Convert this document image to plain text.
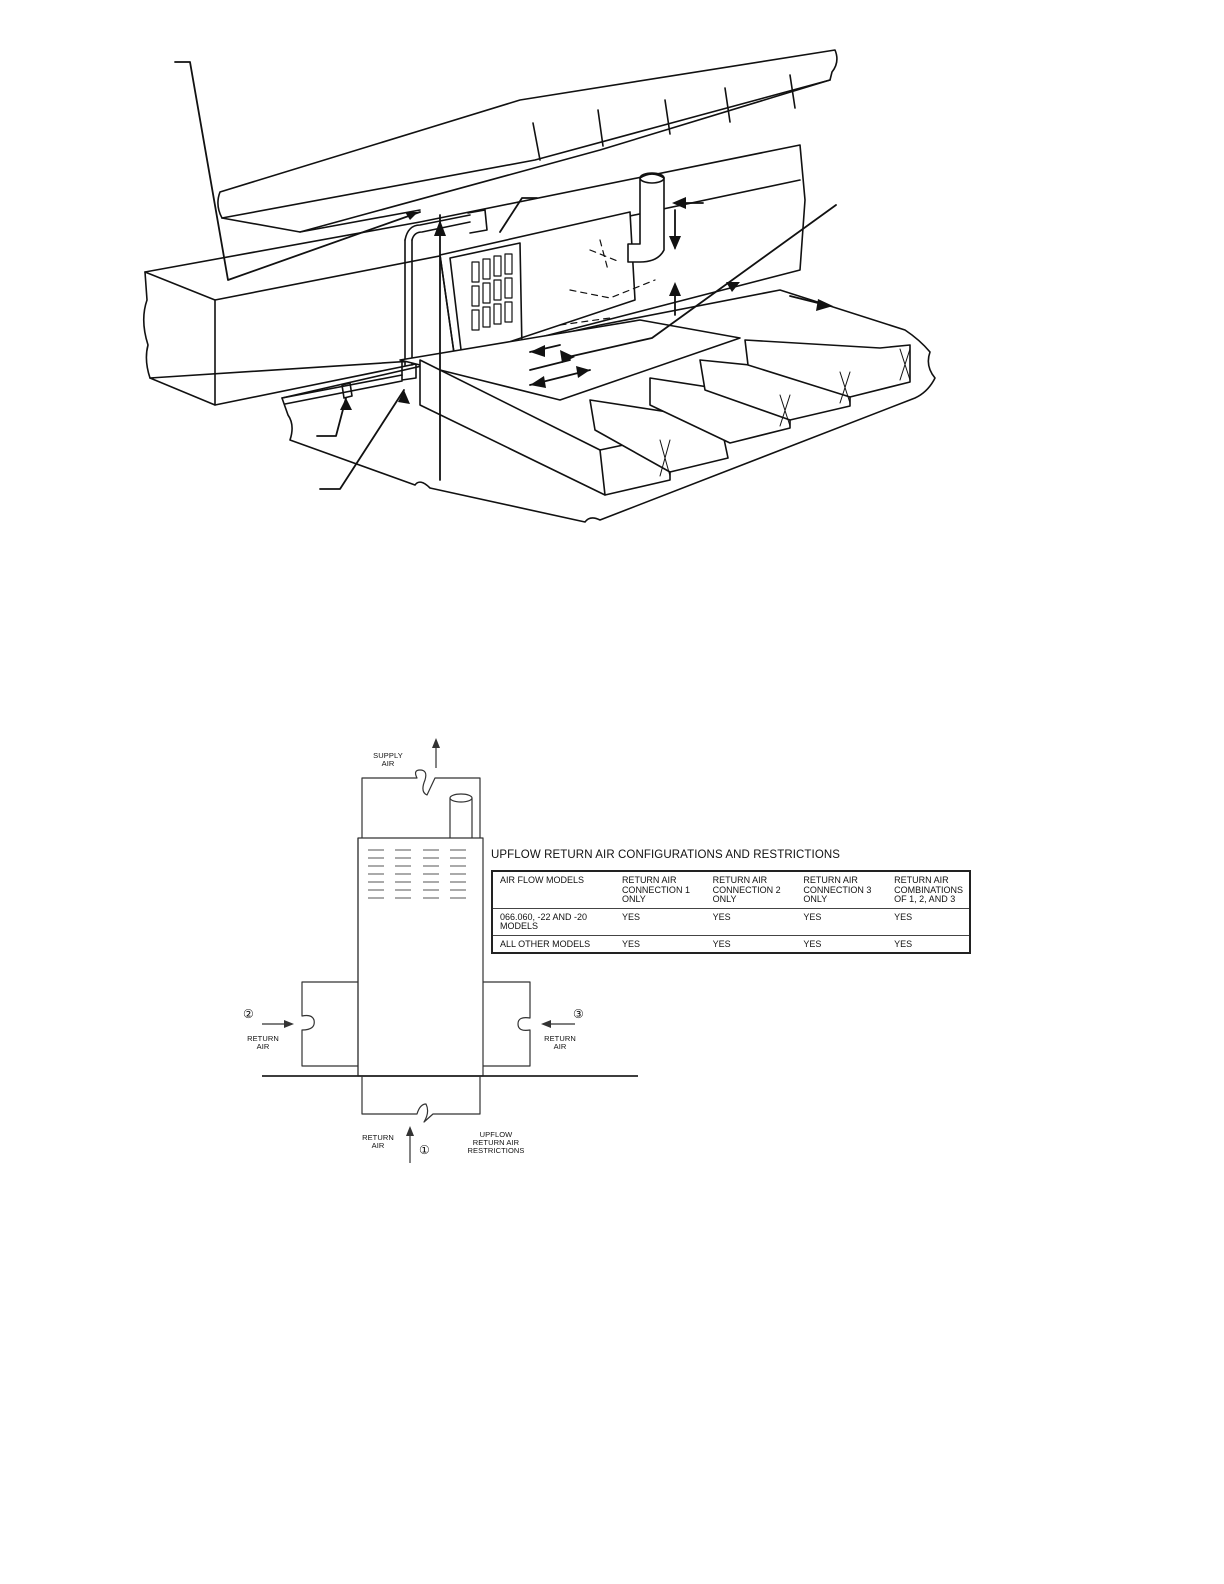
SUPPLY AIR
RETURN AIR
RETURN AIR
RETURN AIR
UPFLOW RETURN AIR RESTRICTIONS
②	③
①
UPFLOW RETURN AIR CONFIGURATIONS AND RESTRICTIONS
AIR FLOW MODELS	RETURN AIR CONNECTION 1 ONLY	RETURN AIR CONNECTION 2 ONLY	RETURN AIR CONNECTION 3 ONLY	RETURN AIR COMBINATIONS OF 1, 2, AND 3
066.060, -22 AND -20 MODELS	YES	YES	YES	YES
ALL OTHER MODELS	YES	YES	YES	YES
